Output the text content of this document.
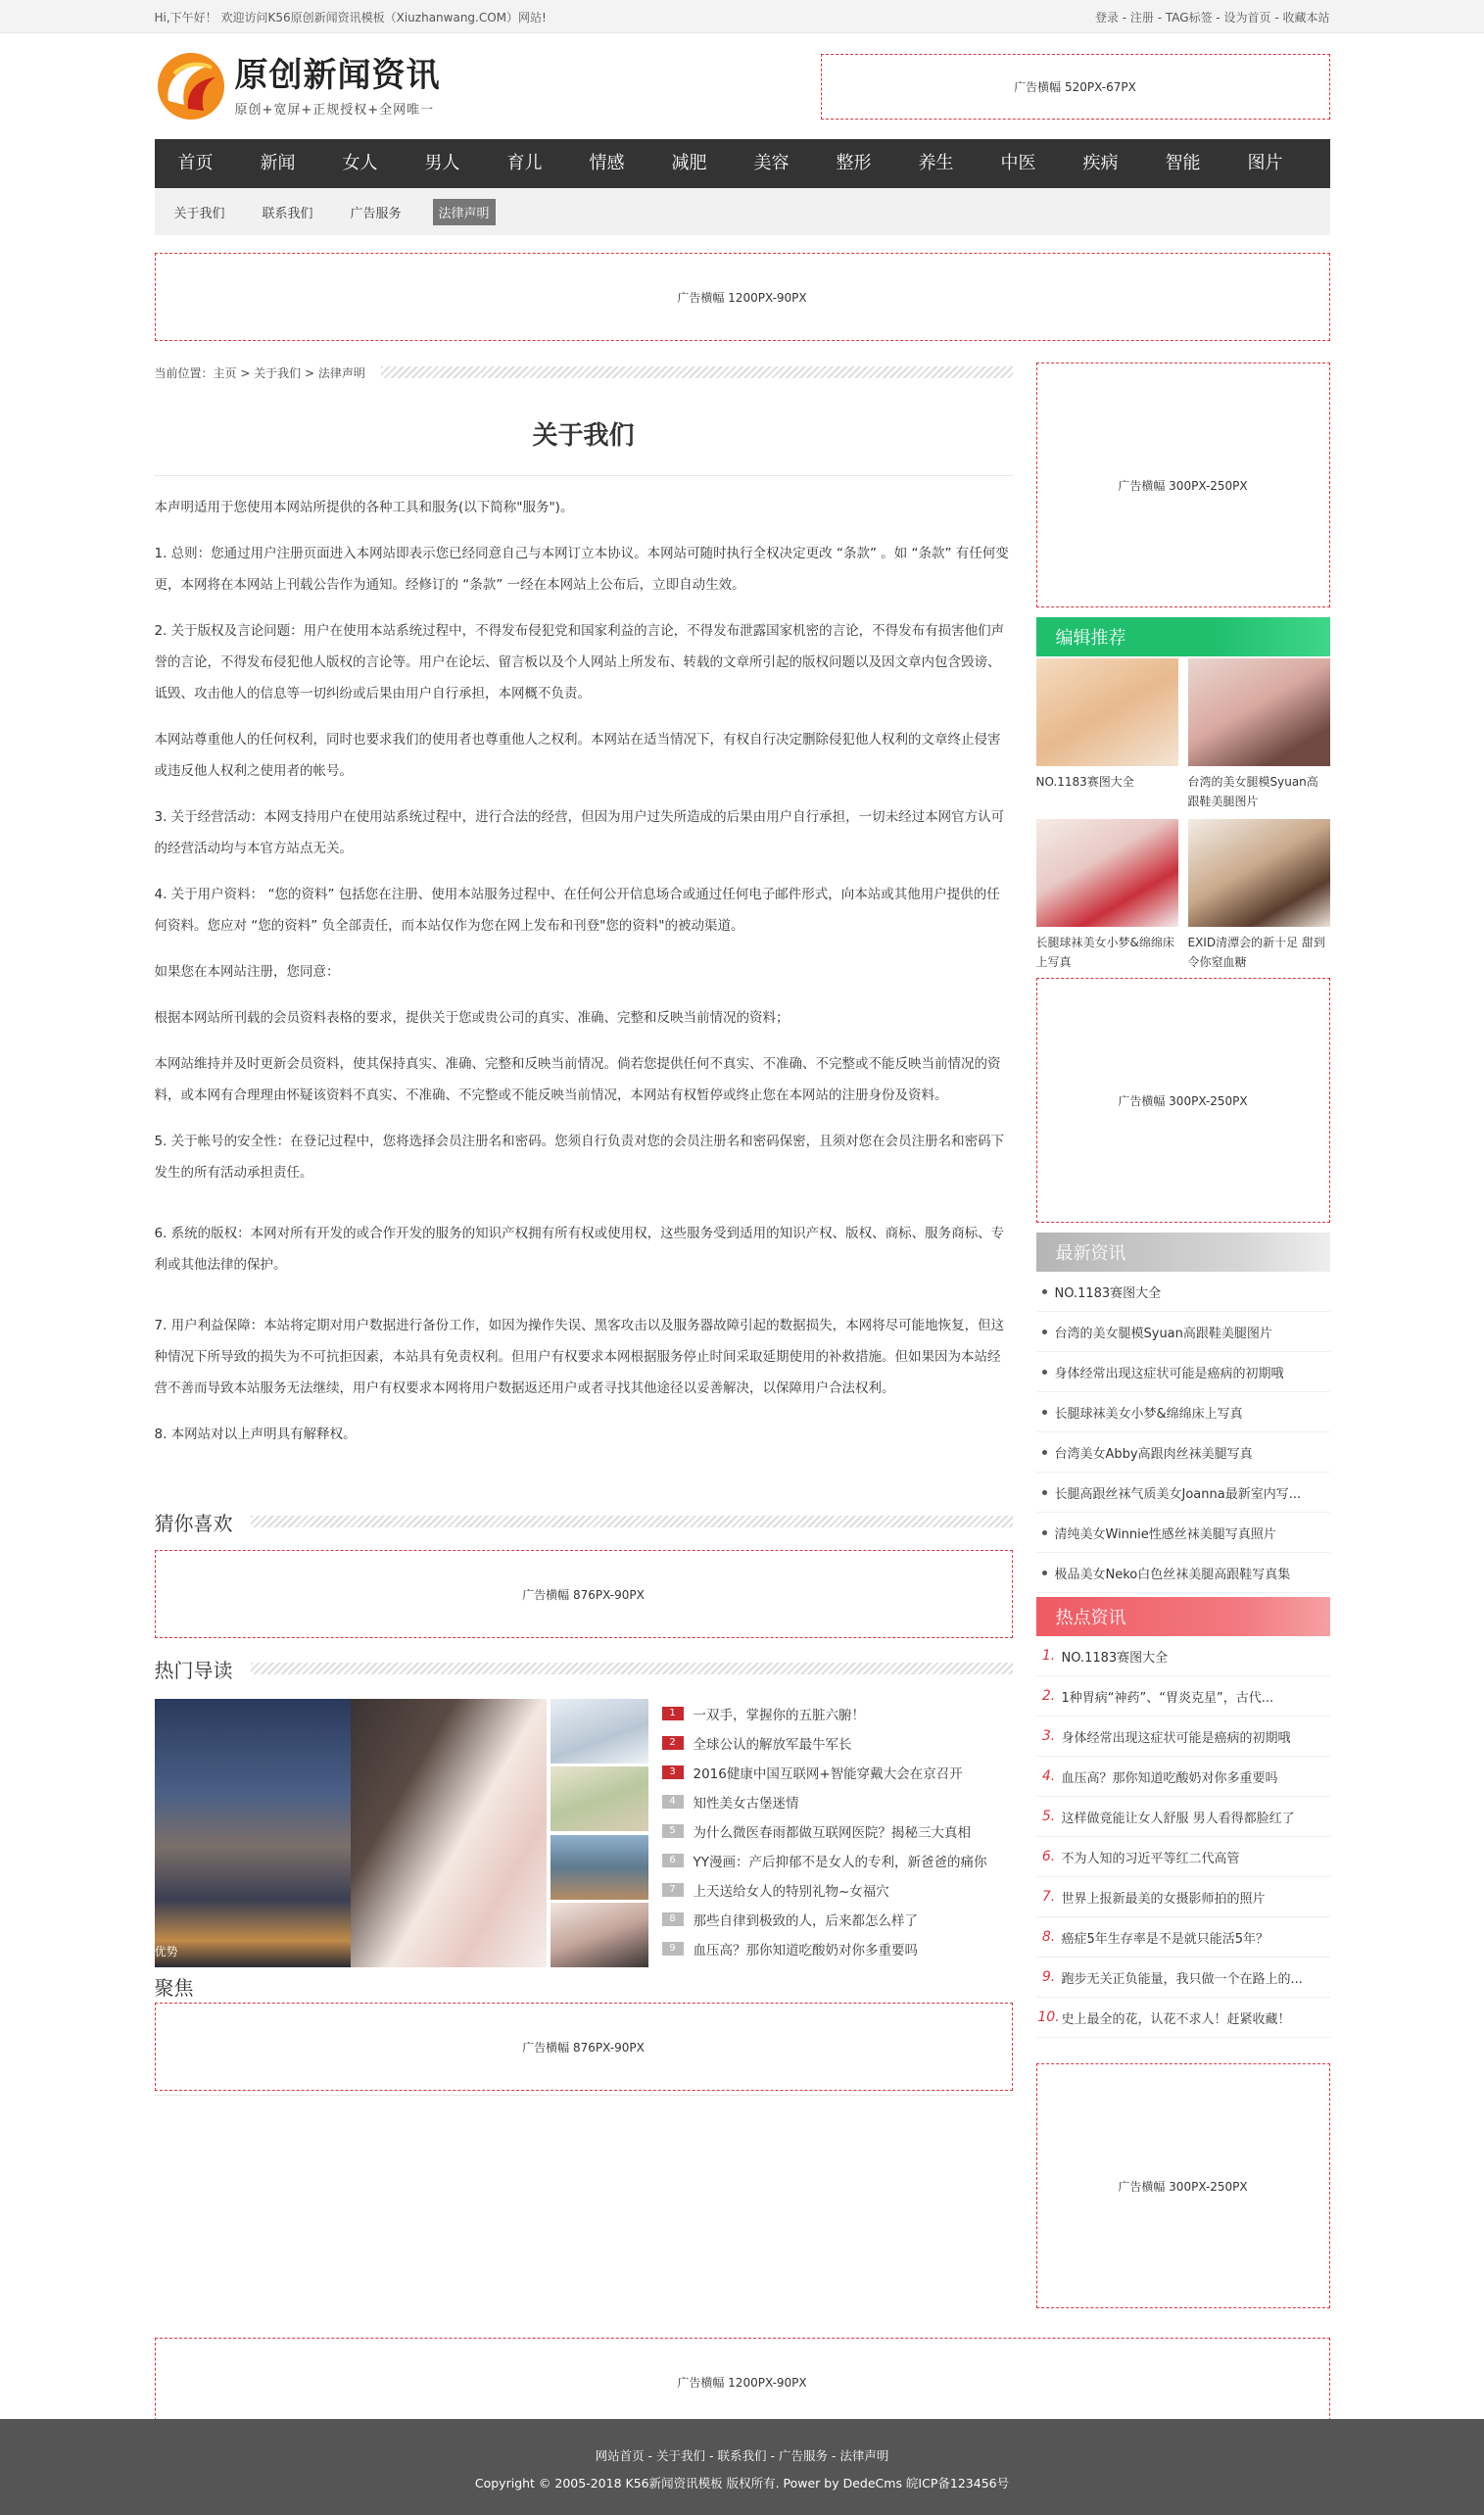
Hi,下午好！ 欢迎访问K56原创新闻资讯模板（Xiuzhanwang.COM）网站!	登录 - 注册 - TAG标签 - 设为首页 - 收藏本站
原创新闻资讯
原创+宽屏+正规授权+全网唯一
广告横幅 520PX-67PX
首页	新闻	女人	男人	育儿	情感	减肥	美容	整形	养生	中医	疾病	智能	图片
关于我们	联系我们	广告服务	法律声明
广告横幅 1200PX-90PX
当前位置：主页 > 关于我们 > 法律声明
关于我们

本声明适用于您使用本网站所提供的各种工具和服务(以下简称"服务")。

1. 总则：您通过用户注册页面进入本网站即表示您已经同意自己与本网订立本协议。本网站可随时执行全权决定更改 “条款” 。如 “条款” 有任何变更，本网将在本网站上刊载公告作为通知。经修订的 “条款” 一经在本网站上公布后，立即自动生效。

2. 关于版权及言论问题：用户在使用本站系统过程中，不得发布侵犯党和国家利益的言论，不得发布泄露国家机密的言论，不得发布有损害他们声誉的言论，不得发布侵犯他人版权的言论等。用户在论坛、留言板以及个人网站上所发布、转载的文章所引起的版权问题以及因文章内包含毁谤、诋毁、攻击他人的信息等一切纠纷或后果由用户自行承担，本网概不负责。

本网站尊重他人的任何权利，同时也要求我们的使用者也尊重他人之权利。本网站在适当情况下，有权自行决定删除侵犯他人权利的文章终止侵害或违反他人权利之使用者的帐号。

3. 关于经营活动：本网支持用户在使用站系统过程中，进行合法的经营，但因为用户过失所造成的后果由用户自行承担，一切未经过本网官方认可的经营活动均与本官方站点无关。

4. 关于用户资料： “您的资料” 包括您在注册、使用本站服务过程中、在任何公开信息场合或通过任何电子邮件形式，向本站或其他用户提供的任何资料。您应对 “您的资料” 负全部责任，而本站仅作为您在网上发布和刊登"您的资料"的被动渠道。

如果您在本网站注册，您同意：

根据本网站所刊载的会员资料表格的要求，提供关于您或贵公司的真实、准确、完整和反映当前情况的资料；

本网站维持并及时更新会员资料，使其保持真实、准确、完整和反映当前情况。倘若您提供任何不真实、不准确、不完整或不能反映当前情况的资料，或本网有合理理由怀疑该资料不真实、不准确、不完整或不能反映当前情况，本网站有权暂停或终止您在本网站的注册身份及资料。

5. 关于帐号的安全性：在登记过程中，您将选择会员注册名和密码。您须自行负责对您的会员注册名和密码保密，且须对您在会员注册名和密码下发生的所有活动承担责任。

6. 系统的版权：本网对所有开发的或合作开发的服务的知识产权拥有所有权或使用权，这些服务受到适用的知识产权、版权、商标、服务商标、专利或其他法律的保护。

7. 用户利益保障：本站将定期对用户数据进行备份工作，如因为操作失误、黑客攻击以及服务器故障引起的数据损失，本网将尽可能地恢复，但这种情况下所导致的损失为不可抗拒因素，本站具有免责权利。但用户有权要求本网根据服务停止时间采取延期使用的补救措施。但如果因为本站经营不善而导致本站服务无法继续，用户有权要求本网将用户数据返还用户或者寻找其他途径以妥善解决，以保障用户合法权利。

8. 本网站对以上声明具有解释权。

猜你喜欢
广告横幅 876PX-90PX
热门导读
优势
1	一双手，掌握你的五脏六腑！
2	全球公认的解放军最牛军长
3	2016健康中国互联网+智能穿戴大会在京召开
4	知性美女古堡迷情
5	为什么微医春雨都做互联网医院？揭秘三大真相
6	YY漫画：产后抑郁不是女人的专利，新爸爸的痛你
7	上天送给女人的特别礼物~女福穴
8	那些自律到极致的人，后来都怎么样了
9	血压高？那你知道吃酸奶对你多重要吗
聚焦
广告横幅 876PX-90PX
广告横幅 300PX-250PX
编辑推荐
NO.1183赛图大全	台湾的美女腿模Syuan高跟鞋美腿图片
长腿球袜美女小梦&绵绵床上写真
EXID清潭会的新十足 甜到令你窒血糖
广告横幅 300PX-250PX
最新资讯
NO.1183赛图大全
台湾的美女腿模Syuan高跟鞋美腿图片
身体经常出现这症状可能是癌病的初期哦
长腿球袜美女小梦&绵绵床上写真
台湾美女Abby高跟肉丝袜美腿写真
长腿高跟丝袜气质美女Joanna最新室内写...
清纯美女Winnie性感丝袜美腿写真照片
极品美女Neko白色丝袜美腿高跟鞋写真集
热点资讯
1. NO.1183赛图大全
2. 1种胃病“神药”、“胃炎克星”，古代...
3. 身体经常出现这症状可能是癌病的初期哦
4. 血压高？那你知道吃酸奶对你多重要吗
5. 这样做竟能让女人舒服 男人看得都脸红了
6. 不为人知的习近平等红二代高管
7. 世界上报新最美的女摄影师拍的照片
8. 癌症5年生存率是不是就只能活5年？
9. 跑步无关正负能量，我只做一个在路上的...
10. 史上最全的花，认花不求人！赶紧收藏！
广告横幅 300PX-250PX
广告横幅 1200PX-90PX
网站首页 - 关于我们 - 联系我们 - 广告服务 - 法律声明
Copyright © 2005-2018 K56新闻资讯模板 版权所有. Power by DedeCms 皖ICP备123456号
